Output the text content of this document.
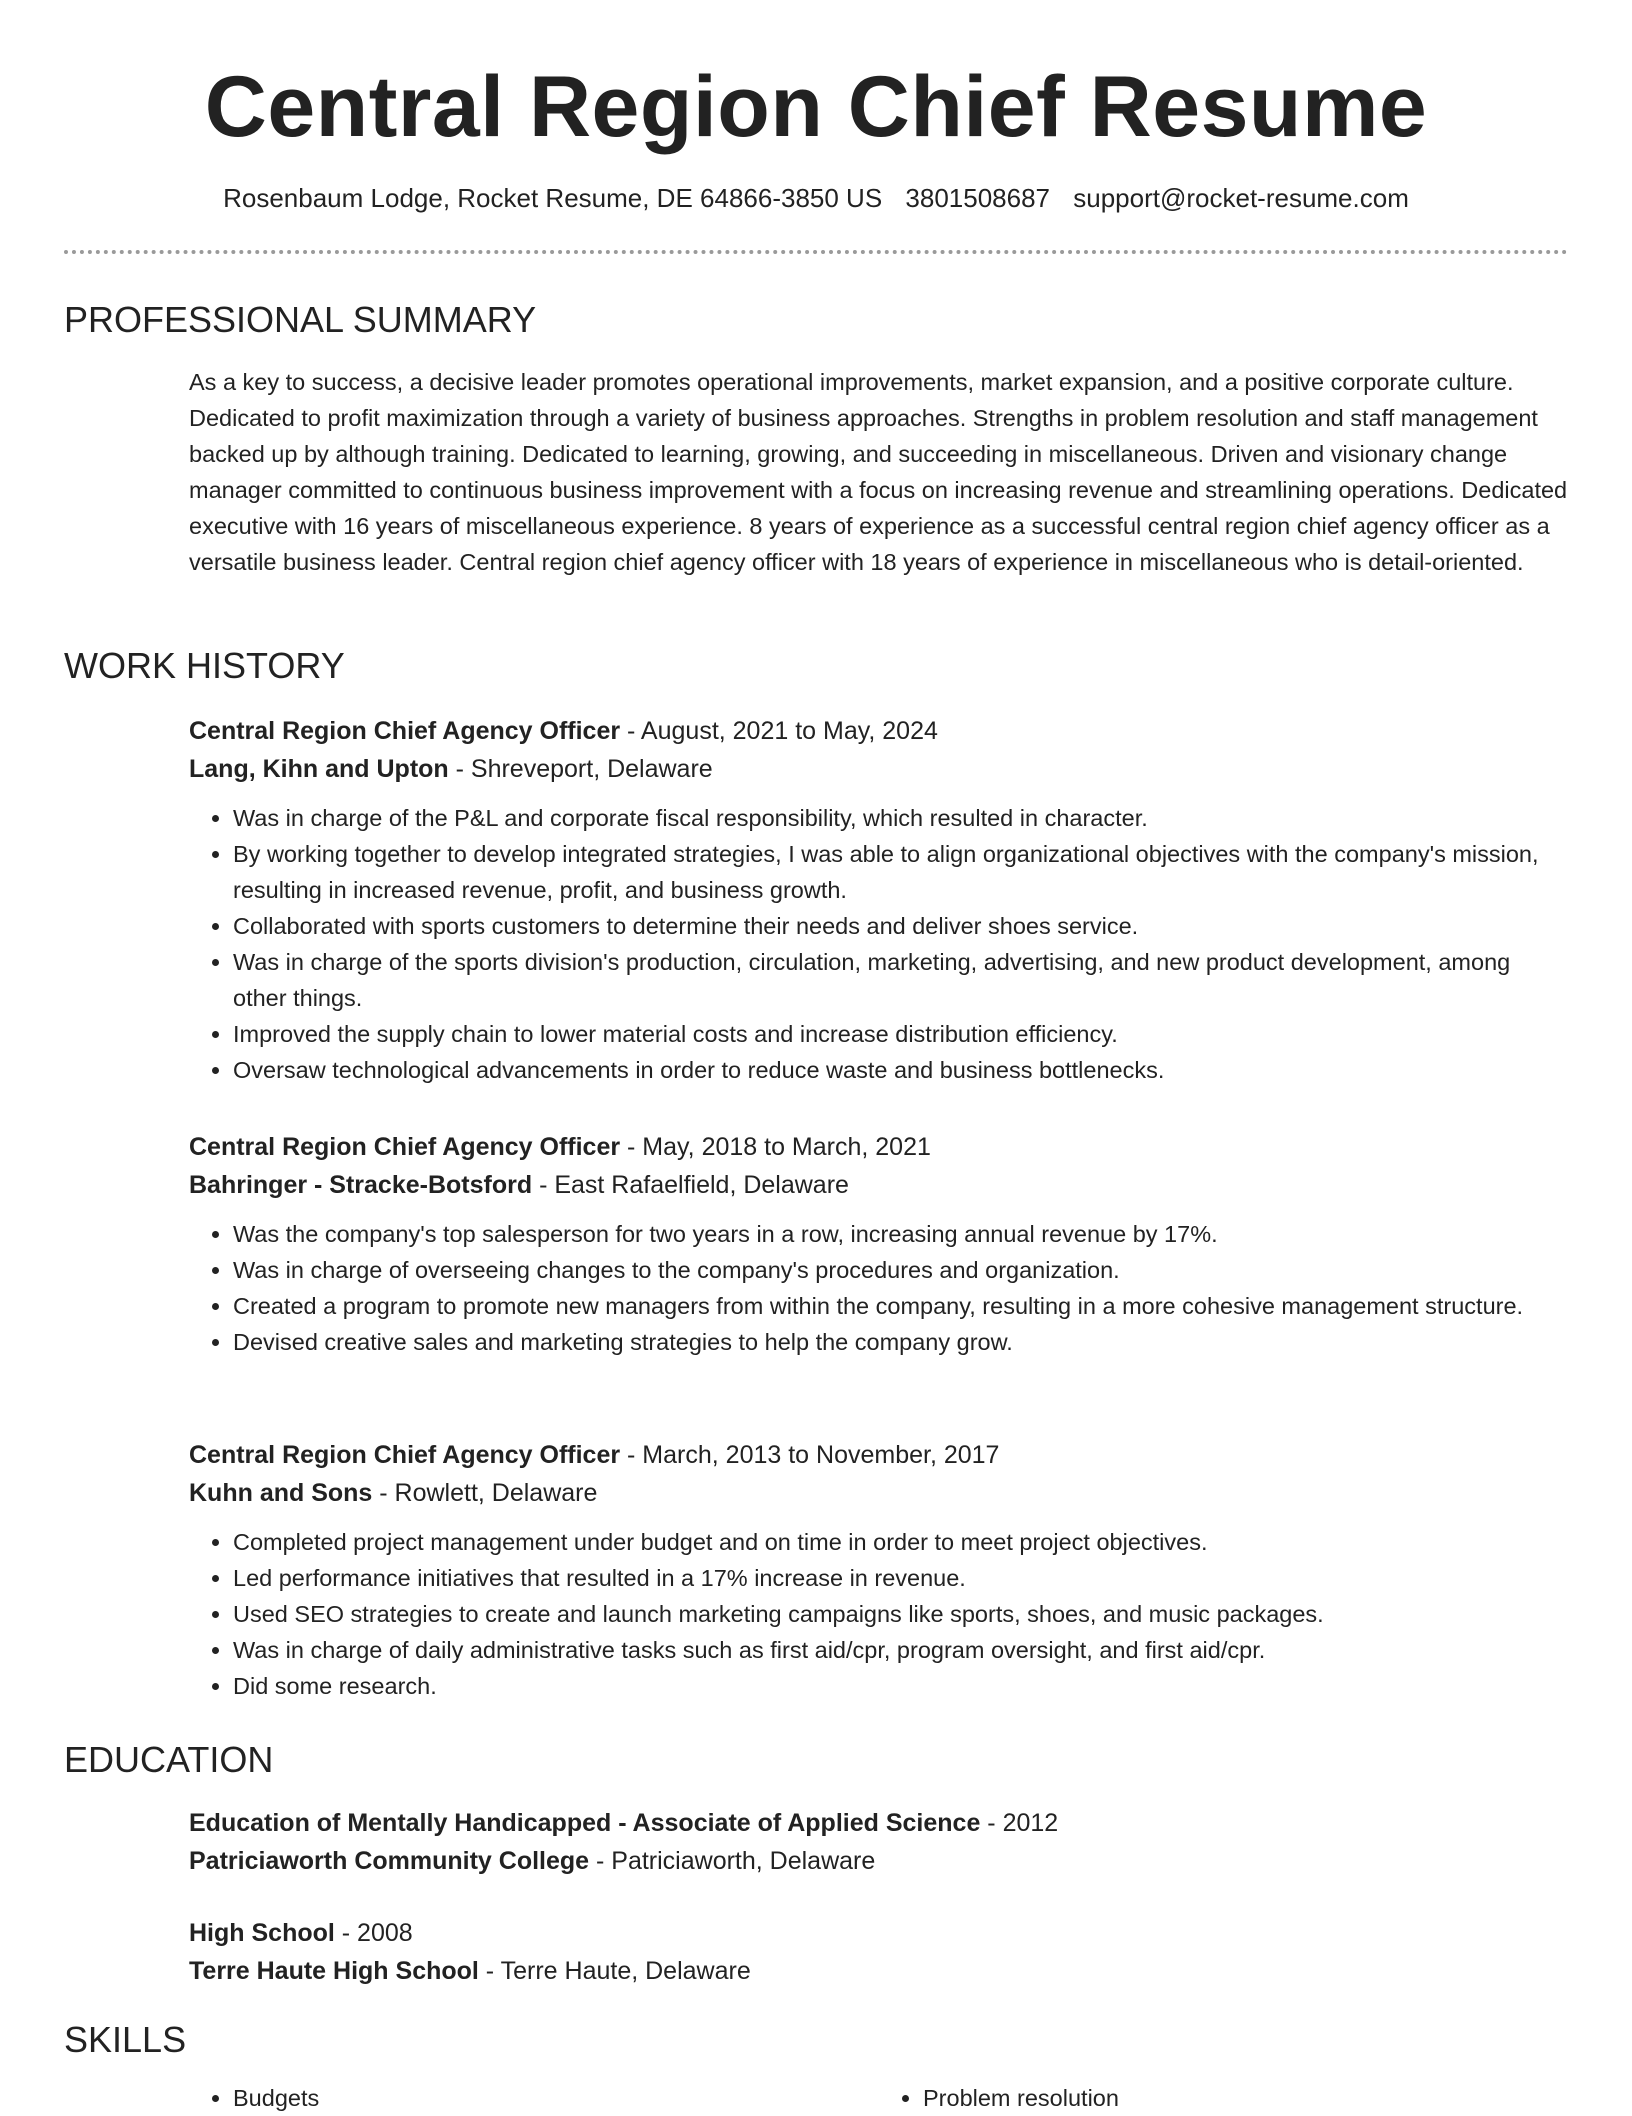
Central Region Chief Resume
Rosenbaum Lodge, Rocket Resume, DE 64866-3850 US 3801508687 support@rocket-resume.com
PROFESSIONAL SUMMARY

As a key to success, a decisive leader promotes operational improvements, market expansion, and a positive corporate culture. Dedicated to profit maximization through a variety of business approaches. Strengths in problem resolution and staff management backed up by although training. Dedicated to learning, growing, and succeeding in miscellaneous. Driven and visionary change manager committed to continuous business improvement with a focus on increasing revenue and streamlining operations. Dedicated executive with 16 years of miscellaneous experience. 8 years of experience as a successful central region chief agency officer as a versatile business leader. Central region chief agency officer with 18 years of experience in miscellaneous who is detail-oriented.

WORK HISTORY

Central Region Chief Agency Officer - August, 2021 to May, 2024

Lang, Kihn and Upton - Shreveport, Delaware

• Was in charge of the P&L and corporate fiscal responsibility, which resulted in character.
• By working together to develop integrated strategies, I was able to align organizational objectives with the company's mission, resulting in increased revenue, profit, and business growth.
• Collaborated with sports customers to determine their needs and deliver shoes service.
• Was in charge of the sports division's production, circulation, marketing, advertising, and new product development, among other things.
• Improved the supply chain to lower material costs and increase distribution efficiency.
• Oversaw technological advancements in order to reduce waste and business bottlenecks.

Central Region Chief Agency Officer - May, 2018 to March, 2021

Bahringer - Stracke-Botsford - East Rafaelfield, Delaware

• Was the company's top salesperson for two years in a row, increasing annual revenue by 17%.
• Was in charge of overseeing changes to the company's procedures and organization.
• Created a program to promote new managers from within the company, resulting in a more cohesive management structure.
• Devised creative sales and marketing strategies to help the company grow.

Central Region Chief Agency Officer - March, 2013 to November, 2017

Kuhn and Sons - Rowlett, Delaware

• Completed project management under budget and on time in order to meet project objectives.
• Led performance initiatives that resulted in a 17% increase in revenue.
• Used SEO strategies to create and launch marketing campaigns like sports, shoes, and music packages.
• Was in charge of daily administrative tasks such as first aid/cpr, program oversight, and first aid/cpr.
• Did some research.
EDUCATION

Education of Mentally Handicapped - Associate of Applied Science - 2012

Patriciaworth Community College - Patriciaworth, Delaware

High School - 2008

Terre Haute High School - Terre Haute, Delaware

SKILLS
• Budgets
•	Problem resolution
